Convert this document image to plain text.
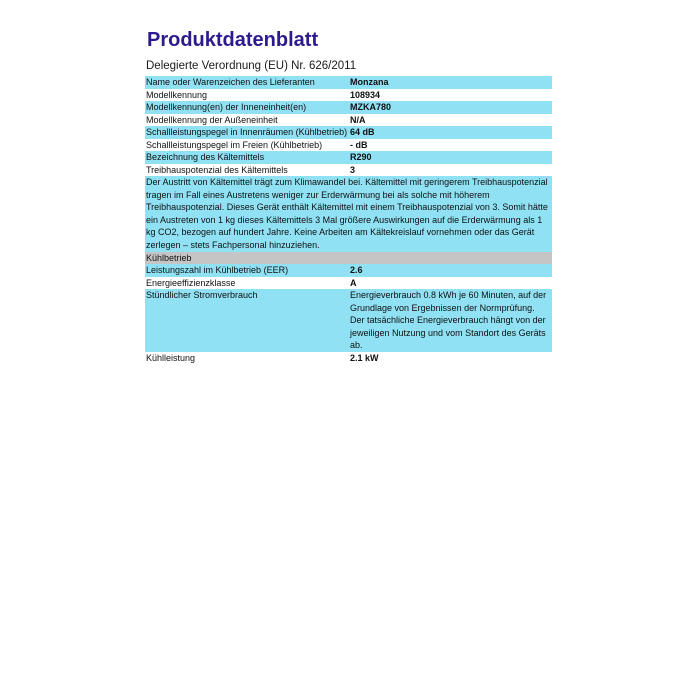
Produktdatenblatt
Delegierte Verordnung (EU) Nr. 626/2011
Name oder Warenzeichen des Lieferanten	Monzana
Modellkennung	108934
Modellkennung(en) der Inneneinheit(en)	MZKA780
Modellkennung der Außeneinheit	N/A
Schallleistungspegel in Innenräumen (Kühlbetrieb) 64 dB
Schallleistungspegel im Freien (Kühlbetrieb)	- dB
Bezeichnung des Kältemittels	R290
Treibhauspotenzial des Kältemittels	3
Der Austritt von Kältemittel trägt zum Klimawandel bei. Kältemittel mit geringerem Treibhauspotenzial tragen im Fall eines Austretens weniger zur Erderwärmung bei als solche mit höherem Treibhauspotenzial. Dieses Gerät enthält Kältemittel mit einem Treibhauspotenzial von 3. Somit hätte ein Austreten von 1 kg dieses Kältemittels 3 Mal größere Auswirkungen auf die Erderwärmung als 1 kg CO2, bezogen auf hundert Jahre. Keine Arbeiten am Kältekreislauf vornehmen oder das Gerät zerlegen – stets Fachpersonal hinzuziehen.
Kühlbetrieb
Leistungszahl im Kühlbetrieb (EER)	2.6
Energieeffizienzklasse	A
Stündlicher Stromverbrauch	Energieverbrauch 0.8 kWh je 60 Minuten, auf der Grundlage von Ergebnissen der Normprüfung. Der tatsächliche Energieverbrauch hängt von der jeweiligen Nutzung und vom Standort des Geräts ab.
Kühlleistung	2.1 kW
